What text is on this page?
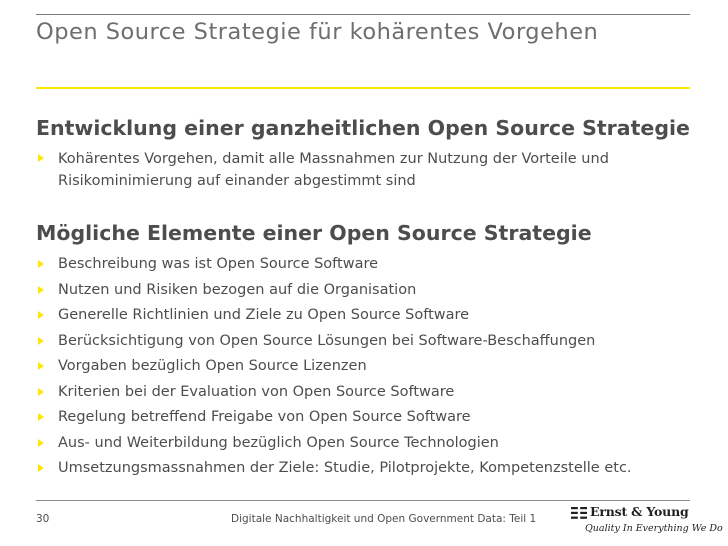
Open Source Strategie für kohärentes Vorgehen
Entwicklung einer ganzheitlichen Open Source Strategie
Kohärentes Vorgehen, damit alle Massnahmen zur Nutzung der Vorteile und
Risikominimierung auf einander abgestimmt sind
Mögliche Elemente einer Open Source Strategie
Beschreibung was ist Open Source Software
Nutzen und Risiken bezogen auf die Organisation
Generelle Richtlinien und Ziele zu Open Source Software
Berücksichtigung von Open Source Lösungen bei Software-Beschaffungen
Vorgaben bezüglich Open Source Lizenzen
Kriterien bei der Evaluation von Open Source Software
Regelung betreffend Freigabe von Open Source Software
Aus- und Weiterbildung bezüglich Open Source Technologien
Umsetzungsmassnahmen der Ziele: Studie, Pilotprojekte, Kompetenzstelle etc.
30	Digitale Nachhaltigkeit und Open Government Data: Teil 1	Ernst & Young
Quality In Everything We Do
